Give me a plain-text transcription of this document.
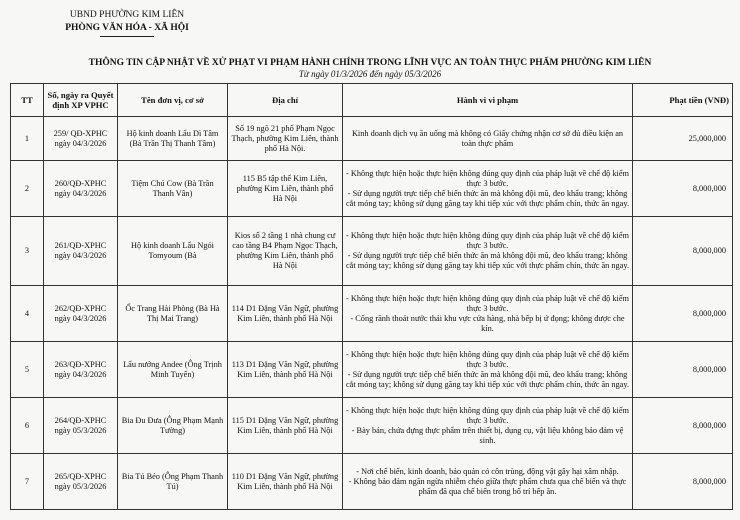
UBND PHƯỜNG KIM LIÊN
PHÒNG VĂN HÓA - XÃ HỘI
THÔNG TIN CẬP NHẬT VỀ XỬ PHẠT VI PHẠM HÀNH CHÍNH TRONG LĨNH VỰC AN TOÀN THỰC PHẨM PHƯỜNG KIM LIÊN
Từ ngày 01/3/2026 đến ngày 05/3/2026
TT	Số, ngày ra Quyết định XP VPHC	Tên đơn vị, cơ sở	Địa chỉ	Hành vi vi phạm	Phạt tiền (VNĐ)
1	259/ QĐ-XPHC ngày 04/3/2026	Hộ kinh doanh Lẩu Dì Tâm (Bà Trần Thị Thanh Tâm)	Số 19 ngõ 21 phố Phạm Ngọc Thạch, phường Kim Liên, thành phố Hà Nội.	Kinh doanh dịch vụ ăn uống mà không có Giấy chứng nhận cơ sở đủ điều kiện an toàn thực phẩm	25,000,000
2	260/QĐ-XPHC ngày 04/3/2026	Tiệm Chú Cow (Bà Trần Thanh Vân)	115 B5 tập thể Kim Liên, phường Kim Liên, thành phố Hà Nội	- Không thực hiện hoặc thực hiện không đúng quy định của pháp luật về chế độ kiểm thực 3 bước.

- Sử dụng người trực tiếp chế biến thức ăn mà không đội mũ, đeo khẩu trang; không cắt móng tay; không sử dụng găng tay khi tiếp xúc với thực phẩm chín, thức ăn ngay.	8,000,000
3	261/QĐ-XPHC ngày 04/3/2026	Hộ kinh doanh Lẩu Ngói Tomyoum (Bà	Kios số 2 tầng 1 nhà chung cư cao tầng B4 Phạm Ngọc Thạch, phường Kim Liên, thành phố Hà Nội	- Không thực hiện hoặc thực hiện không đúng quy định của pháp luật về chế độ kiểm thực 3 bước.

- Sử dụng người trực tiếp chế biến thức ăn mà không đội mũ, đeo khẩu trang; không cắt móng tay; không sử dụng găng tay khi tiếp xúc với thực phẩm chín, thức ăn ngay.	8,000,000
4	262/QĐ-XPHC ngày 04/3/2026	Ốc Trang Hải Phòng (Bà Hà Thị Mai Trang)	114 D1 Đặng Văn Ngữ, phường Kim Liên, thành phố Hà Nội	- Không thực hiện hoặc thực hiện không đúng quy định của pháp luật về chế độ kiểm thực 3 bước.

- Cống rãnh thoát nước thải khu vực cửa hàng, nhà bếp bị ứ đọng; không được che kín.	8,000,000
5	263/QĐ-XPHC ngày 04/3/2026	Lẩu nướng Andee (Ông Trịnh Minh Tuyến)	113 D1 Đặng Văn Ngữ, phường Kim Liên, thành phố Hà Nội	- Không thực hiện hoặc thực hiện không đúng quy định của pháp luật về chế độ kiểm thực 3 bước.

- Sử dụng người trực tiếp chế biến thức ăn mà không đội mũ, đeo khẩu trang; không cắt móng tay; không sử dụng găng tay khi tiếp xúc với thực phẩm chín, thức ăn ngay.	8,000,000
6	264/QĐ-XPHC ngày 05/3/2026	Bia Đu Đưa (Ông Phạm Mạnh Tường)	115 D1 Đặng Văn Ngữ, phường Kim Liên, thành phố Hà Nội	- Không thực hiện hoặc thực hiện không đúng quy định của pháp luật về chế độ kiểm thực 3 bước.

- Bày bán, chứa đựng thực phẩm trên thiết bị, dụng cụ, vật liệu không bảo đảm vệ sinh.	8,000,000
7	265/QĐ-XPHC ngày 05/3/2026	Bia Tú Béo (Ông Phạm Thanh Tú)	110 D1 Đặng Văn Ngữ, phường Kim Liên, thành phố Hà Nội	- Nơi chế biến, kinh doanh, bảo quản có côn trùng, động vật gây hại xâm nhập.

- Không bảo đảm ngăn ngừa nhiễm chéo giữa thực phẩm chưa qua chế biến và thực phẩm đã qua chế biến trong bố trí bếp ăn.	8,000,000
